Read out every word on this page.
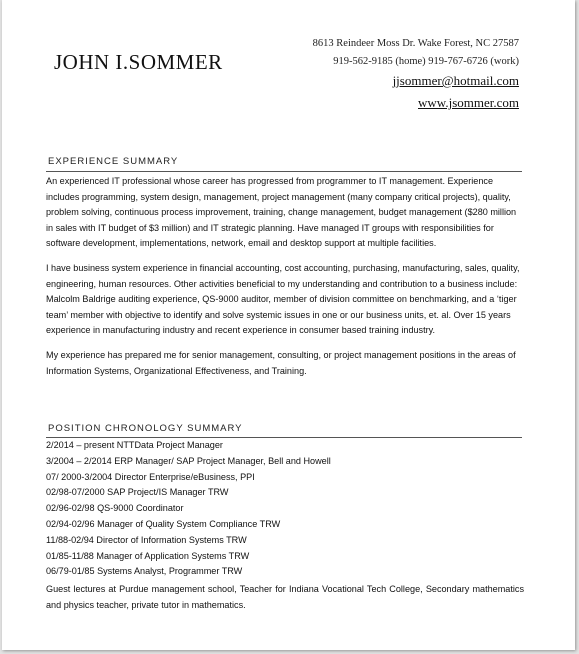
JOHN I.SOMMER
8613 Reindeer Moss Dr. Wake Forest, NC 27587
919-562-9185 (home) 919-767-6726 (work)
jjsommer@hotmail.com
www.jsommer.com
EXPERIENCE SUMMARY

An experienced IT professional whose career has progressed from programmer to IT management. Experience includes programming, system design, management, project management (many company critical projects), quality, problem solving, continuous process improvement, training, change management, budget management ($280 million in sales with IT budget of $3 million) and IT strategic planning. Have managed IT groups with responsibilities for software development, implementations, network, email and desktop support at multiple facilities.

I have business system experience in financial accounting, cost accounting, purchasing, manufacturing, sales, quality, engineering, human resources. Other activities beneficial to my understanding and contribution to a business include: Malcolm Baldrige auditing experience, QS-9000 auditor, member of division committee on benchmarking, and a ‘tiger team’ member with objective to identify and solve systemic issues in one or our business units, et. al. Over 15 years experience in manufacturing industry and recent experience in consumer based training industry.

My experience has prepared me for senior management, consulting, or project management positions in the areas of Information Systems, Organizational Effectiveness, and Training.

POSITION CHRONOLOGY SUMMARY
2/2014 – present NTTData Project Manager
3/2004 – 2/2014 ERP Manager/ SAP Project Manager, Bell and Howell
07/ 2000-3/2004 Director Enterprise/eBusiness, PPI
02/98-07/2000 SAP Project/IS Manager TRW
02/96-02/98 QS-9000 Coordinator
02/94-02/96 Manager of Quality System Compliance TRW
11/88-02/94 Director of Information Systems TRW
01/85-11/88 Manager of Application Systems TRW
06/79-01/85 Systems Analyst, Programmer TRW
Guest lectures at Purdue management school, Teacher for Indiana Vocational Tech College, Secondary mathematics and physics teacher, private tutor in mathematics.
